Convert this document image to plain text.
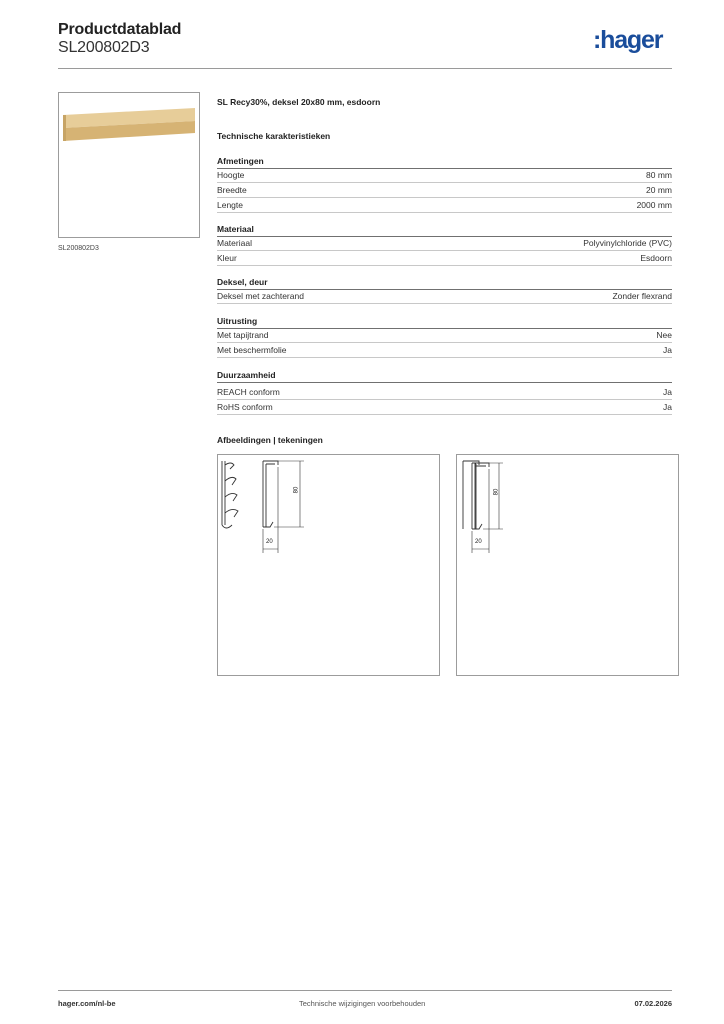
Productdatablad
SL200802D3	:hager
SL200802D3
SL Recy30%, deksel 20x80 mm, esdoorn
Technische karakteristieken
Afmetingen
Hoogte	80 mm
Breedte	20 mm
Lengte	2000 mm
Materiaal
Materiaal	Polyvinylchloride (PVC)
Kleur	Esdoorn
Deksel, deur
Deksel met zachterand	Zonder flexrand
Uitrusting
Met tapijtrand	Nee
Met beschermfolie	Ja
Duurzaamheid
REACH conform	Ja
RoHS conform	Ja
Afbeeldingen | tekeningen
80
20
80
20
hager.com/nl-be	Technische wijzigingen voorbehouden	07.02.2026
